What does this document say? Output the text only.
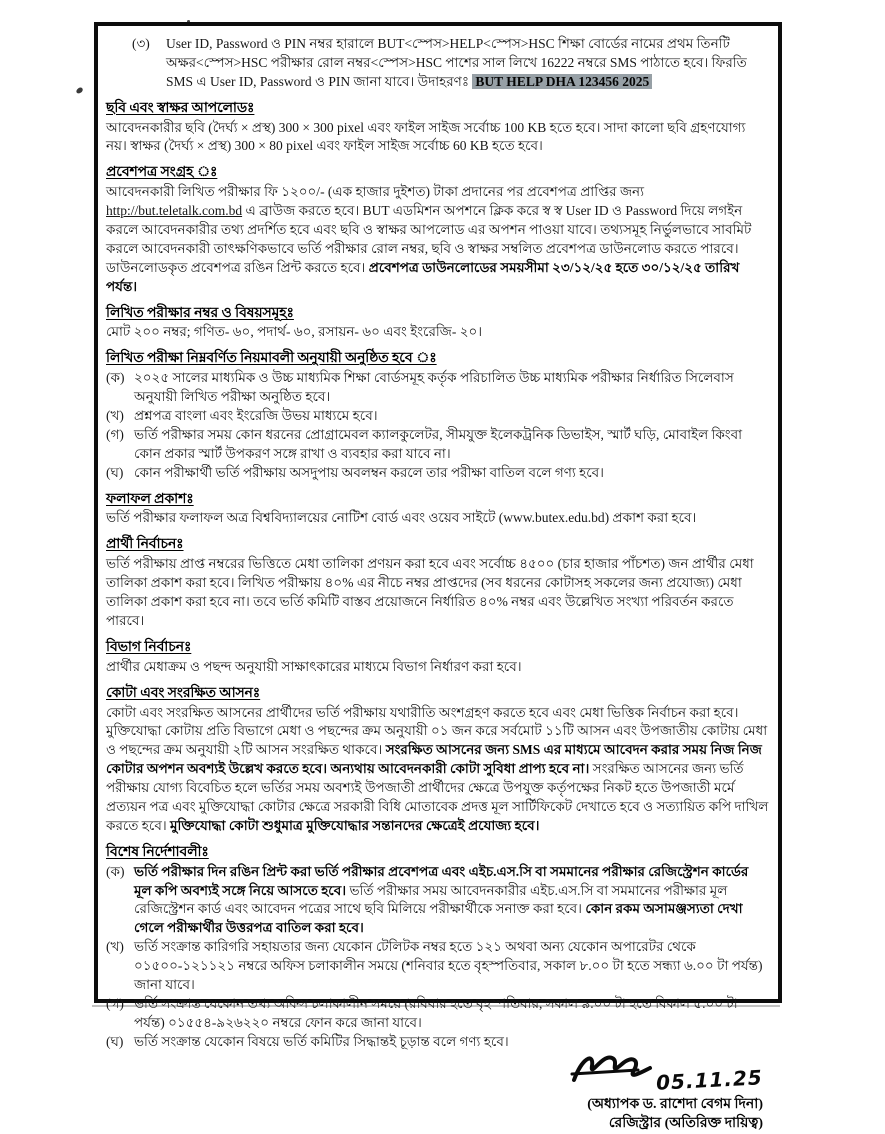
(৩)	User ID, Password ও PIN নম্বর হারালে BUT<স্পেস>HELP<স্পেস>HSC শিক্ষা বোর্ডের নামের প্রথম তিনটি অক্ষর<স্পেস>HSC পরীক্ষার রোল নম্বর<স্পেস>HSC পাশের সাল লিখে 16222 নম্বরে SMS পাঠাতে হবে। ফিরতি SMS এ User ID, Password ও PIN জানা যাবে। উদাহরণঃ BUT HELP DHA 123456 2025

ছবি এবং স্বাক্ষর আপলোডঃ

আবেদনকারীর ছবি (দৈর্ঘ্য × প্রস্থ) 300 × 300 pixel এবং ফাইল সাইজ সর্বোচ্চ 100 KB হতে হবে। সাদা কালো ছবি গ্রহণযোগ্য নয়। স্বাক্ষর (দৈর্ঘ্য × প্রস্থ) 300 × 80 pixel এবং ফাইল সাইজ সর্বোচ্চ 60 KB হতে হবে।

প্রবেশপত্র সংগ্রহ ঃ

আবেদনকারী লিখিত পরীক্ষার ফি ১২০০/- (এক হাজার দুইশত) টাকা প্রদানের পর প্রবেশপত্র প্রাপ্তির জন্য http://but.teletalk.com.bd এ ব্রাউজ করতে হবে। BUT এডমিশন অপশনে ক্লিক করে স্ব স্ব User ID ও Password দিয়ে লগইন করলে আবেদনকারীর তথ্য প্রদর্শিত হবে এবং ছবি ও স্বাক্ষর আপলোড এর অপশন পাওয়া যাবে। তথ্যসমূহ নির্ভুলভাবে সাবমিট করলে আবেদনকারী তাৎক্ষণিকভাবে ভর্তি পরীক্ষার রোল নম্বর, ছবি ও স্বাক্ষর সম্বলিত প্রবেশপত্র ডাউনলোড করতে পারবে। ডাউনলোডকৃত প্রবেশপত্র রঙিন প্রিন্ট করতে হবে। প্রবেশপত্র ডাউনলোডের সময়সীমা ২৩/১২/২৫ হতে ৩০/১২/২৫ তারিখ পর্যন্ত।

লিখিত পরীক্ষার নম্বর ও বিষয়সমূহঃ

মোট ২০০ নম্বর; গণিত- ৬০, পদার্থ- ৬০, রসায়ন- ৬০ এবং ইংরেজি- ২০।

লিখিত পরীক্ষা নিম্নবর্ণিত নিয়মাবলী অনুযায়ী অনুষ্ঠিত হবে ঃ
(ক) ২০২৫ সালের মাধ্যমিক ও উচ্চ মাধ্যমিক শিক্ষা বোর্ডসমূহ কর্তৃক পরিচালিত উচ্চ মাধ্যমিক পরীক্ষার নির্ধারিত সিলেবাস অনুযায়ী লিখিত পরীক্ষা অনুষ্ঠিত হবে।

(খ) প্রশ্নপত্র বাংলা এবং ইংরেজি উভয় মাধ্যমে হবে।

(গ) ভর্তি পরীক্ষার সময় কোন ধরনের প্রোগ্রামেবল ক্যালকুলেটর, সীমযুক্ত ইলেকট্রনিক ডিভাইস, স্মার্ট ঘড়ি, মোবাইল কিংবা কোন প্রকার স্মার্ট উপকরণ সঙ্গে রাখা ও ব্যবহার করা যাবে না।

(ঘ) কোন পরীক্ষার্থী ভর্তি পরীক্ষায় অসদুপায় অবলম্বন করলে তার পরীক্ষা বাতিল বলে গণ্য হবে।

ফলাফল প্রকাশঃ

ভর্তি পরীক্ষার ফলাফল অত্র বিশ্ববিদ্যালয়ের নোটিশ বোর্ড এবং ওয়েব সাইটে (www.butex.edu.bd) প্রকাশ করা হবে।

প্রার্থী নির্বাচনঃ

ভর্তি পরীক্ষায় প্রাপ্ত নম্বরের ভিত্তিতে মেধা তালিকা প্রণয়ন করা হবে এবং সর্বোচ্চ ৪৫০০ (চার হাজার পাঁচশত) জন প্রার্থীর মেধা তালিকা প্রকাশ করা হবে। লিখিত পরীক্ষায় ৪০% এর নীচে নম্বর প্রাপ্তদের (সব ধরনের কোটাসহ সকলের জন্য প্রযোজ্য) মেধা তালিকা প্রকাশ করা হবে না। তবে ভর্তি কমিটি বাস্তব প্রয়োজনে নির্ধারিত ৪০% নম্বর এবং উল্লেখিত সংখ্যা পরিবর্তন করতে পারবে।

বিভাগ নির্বাচনঃ

প্রার্থীর মেধাক্রম ও পছন্দ অনুযায়ী সাক্ষাৎকারের মাধ্যমে বিভাগ নির্ধারণ করা হবে।

কোটা এবং সংরক্ষিত আসনঃ

কোটা এবং সংরক্ষিত আসনের প্রার্থীদের ভর্তি পরীক্ষায় যথারীতি অংশগ্রহণ করতে হবে এবং মেধা ভিত্তিক নির্বাচন করা হবে। মুক্তিযোদ্ধা কোটায় প্রতি বিভাগে মেধা ও পছন্দের ক্রম অনুযায়ী ০১ জন করে সর্বমোট ১১টি আসন এবং উপজাতীয় কোটায় মেধা ও পছন্দের ক্রম অনুযায়ী ২টি আসন সংরক্ষিত থাকবে। সংরক্ষিত আসনের জন্য SMS এর মাধ্যমে আবেদন করার সময় নিজ নিজ কোটার অপশন অবশ্যই উল্লেখ করতে হবে। অন্যথায় আবেদনকারী কোটা সুবিধা প্রাপ্য হবে না। সংরক্ষিত আসনের জন্য ভর্তি পরীক্ষায় যোগ্য বিবেচিত হলে ভর্তির সময় অবশ্যই উপজাতী প্রার্থীদের ক্ষেত্রে উপযুক্ত কর্তৃপক্ষের নিকট হতে উপজাতী মর্মে প্রত্যয়ন পত্র এবং মুক্তিযোদ্ধা কোটার ক্ষেত্রে সরকারী বিধি মোতাবেক প্রদত্ত মূল সার্টিফিকেট দেখাতে হবে ও সত্যায়িত কপি দাখিল করতে হবে। মুক্তিযোদ্ধা কোটা শুধুমাত্র মুক্তিযোদ্ধার সন্তানদের ক্ষেত্রেই প্রযোজ্য হবে।

বিশেষ নির্দেশাবলীঃ
(ক) ভর্তি পরীক্ষার দিন রঙিন প্রিন্ট করা ভর্তি পরীক্ষার প্রবেশপত্র এবং এইচ.এস.সি বা সমমানের পরীক্ষার রেজিস্ট্রেশন কার্ডের মূল কপি অবশ্যই সঙ্গে নিয়ে আসতে হবে। ভর্তি পরীক্ষার সময় আবেদনকারীর এইচ.এস.সি বা সমমানের পরীক্ষার মূল রেজিস্ট্রেশন কার্ড এবং আবেদন পত্রের সাথে ছবি মিলিয়ে পরীক্ষার্থীকে সনাক্ত করা হবে। কোন রকম অসামঞ্জস্যতা দেখা গেলে পরীক্ষার্থীর উত্তরপত্র বাতিল করা হবে।

(খ) ভর্তি সংক্রান্ত কারিগরি সহায়তার জন্য যেকোন টেলিটক নম্বর হতে ১২১ অথবা অন্য যেকোন অপারেটর থেকে ০১৫০০-১২১১২১ নম্বরে অফিস চলাকালীন সময়ে (শনিবার হতে বৃহস্পতিবার, সকাল ৮.০০ টা হতে সন্ধ্যা ৬.০০ টা পর্যন্ত) জানা যাবে।

(গ) ভর্তি সংক্রান্ত যেকোন তথ্য অফিস চলাকালীন সময়ে (রবিবার হতে বৃহস্পতিবার, সকাল ৯.০০ টা হতে বিকাল ৫.০০ টা পর্যন্ত) ০১৫৫৪-৯২৬২২০ নম্বরে ফোন করে জানা যাবে।

(ঘ) ভর্তি সংক্রান্ত যেকোন বিষয়ে ভর্তি কমিটির সিদ্ধান্তই চূড়ান্ত বলে গণ্য হবে।

05.11.25
(অধ্যাপক ড. রাশেদা বেগম দিনা)
রেজিস্ট্রার (অতিরিক্ত দায়িত্ব)
